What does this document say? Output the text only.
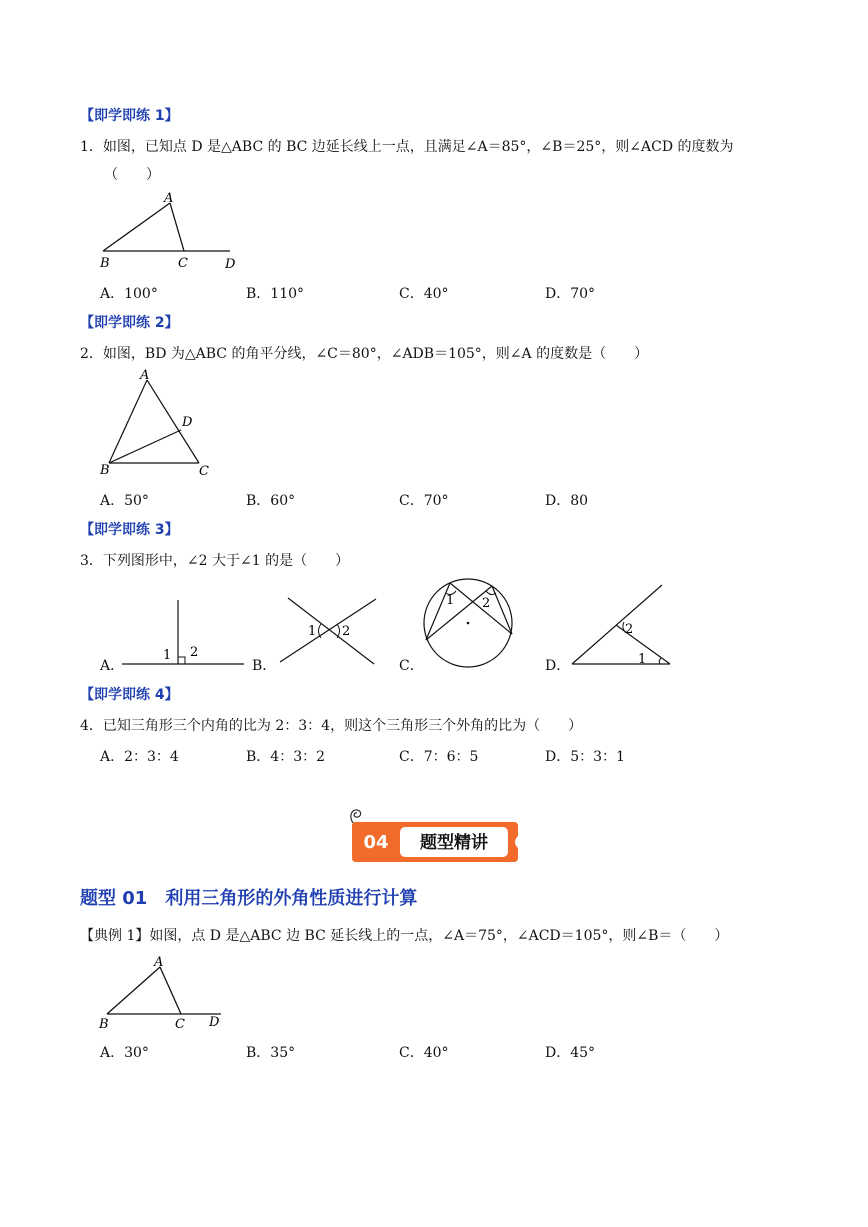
【即学即练 1】
1．如图，已知点 D 是△ABC 的 BC 边延长线上一点，且满足∠A＝85°，∠B＝25°，则∠ACD 的度数为
（　　）
A
B	C	D
A．100°	B．110°	C．40°	D．70°
【即学即练 2】
2．如图，BD 为△ABC 的角平分线，∠C＝80°，∠ADB＝105°，则∠A 的度数是（　　）
A
B	C
D
A．50°	B．60°	C．70°	D．80
【即学即练 3】
3．下列图形中，∠2 大于∠1 的是（　　）
A．
1 2
B．
1 2
C．
1 2
D．
2
1
【即学即练 4】
4．已知三角形三个内角的比为 2：3：4，则这个三角形三个外角的比为（　　）
A．2：3：4	B．4：3：2	C．7：6：5	D．5：3：1
04	题型精讲
题型 01　利用三角形的外角性质进行计算
【典例 1】如图，点 D 是△ABC 边 BC 延长线上的一点，∠A＝75°，∠ACD＝105°，则∠B＝（　　）
A
B	C D
A．30°	B．35°	C．40°	D．45°
